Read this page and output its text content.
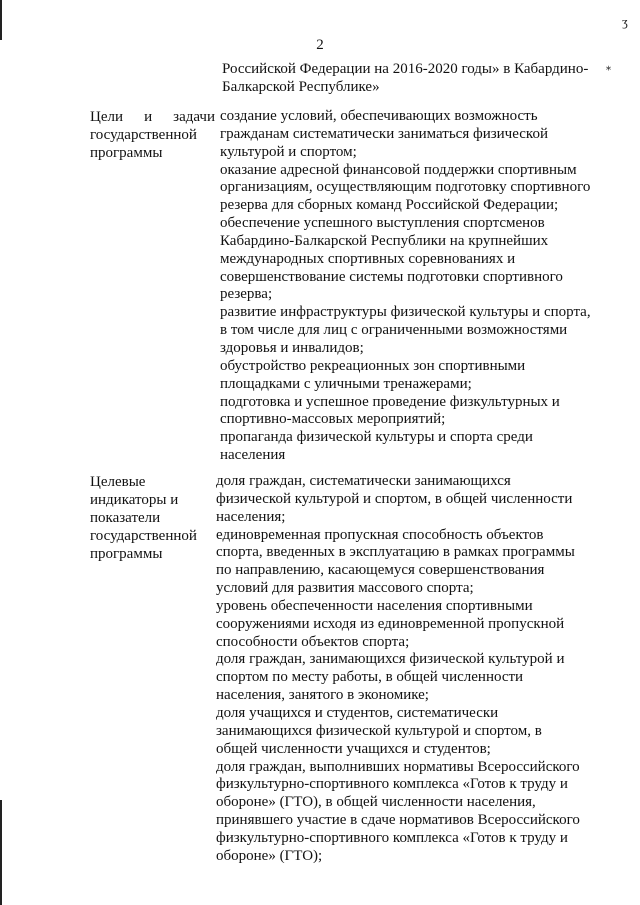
ʒ
⁎
2
Российской Федерации на 2016-2020 годы» в Кабардино-
Балкарской Республике»
Цели и задачи
государственной
программы
создание условий, обеспечивающих возможность
гражданам систематически заниматься физической
культурой и спортом;
оказание адресной финансовой поддержки спортивным
организациям, осуществляющим подготовку спортивного
резерва для сборных команд Российской Федерации;
обеспечение успешного выступления спортсменов
Кабардино-Балкарской Республики на крупнейших
международных спортивных соревнованиях и
совершенствование системы подготовки спортивного
резерва;
развитие инфраструктуры физической культуры и спорта,
в том числе для лиц с ограниченными возможностями
здоровья и инвалидов;
обустройство рекреационных зон спортивными
площадками с уличными тренажерами;
подготовка и успешное проведение физкультурных и
спортивно-массовых мероприятий;
пропаганда физической культуры и спорта среди
населения
Целевые
индикаторы и
показатели
государственной
программы
доля граждан, систематически занимающихся
физической культурой и спортом, в общей численности
населения;
единовременная пропускная способность объектов
спорта, введенных в эксплуатацию в рамках программы
по направлению, касающемуся совершенствования
условий для развития массового спорта;
уровень обеспеченности населения спортивными
сооружениями исходя из единовременной пропускной
способности объектов спорта;
доля граждан, занимающихся физической культурой и
спортом по месту работы, в общей численности
населения, занятого в экономике;
доля учащихся и студентов, систематически
занимающихся физической культурой и спортом, в
общей численности учащихся и студентов;
доля граждан, выполнивших нормативы Всероссийского
физкультурно-спортивного комплекса «Готов к труду и
обороне» (ГТО), в общей численности населения,
принявшего участие в сдаче нормативов Всероссийского
физкультурно-спортивного комплекса «Готов к труду и
обороне» (ГТО);
